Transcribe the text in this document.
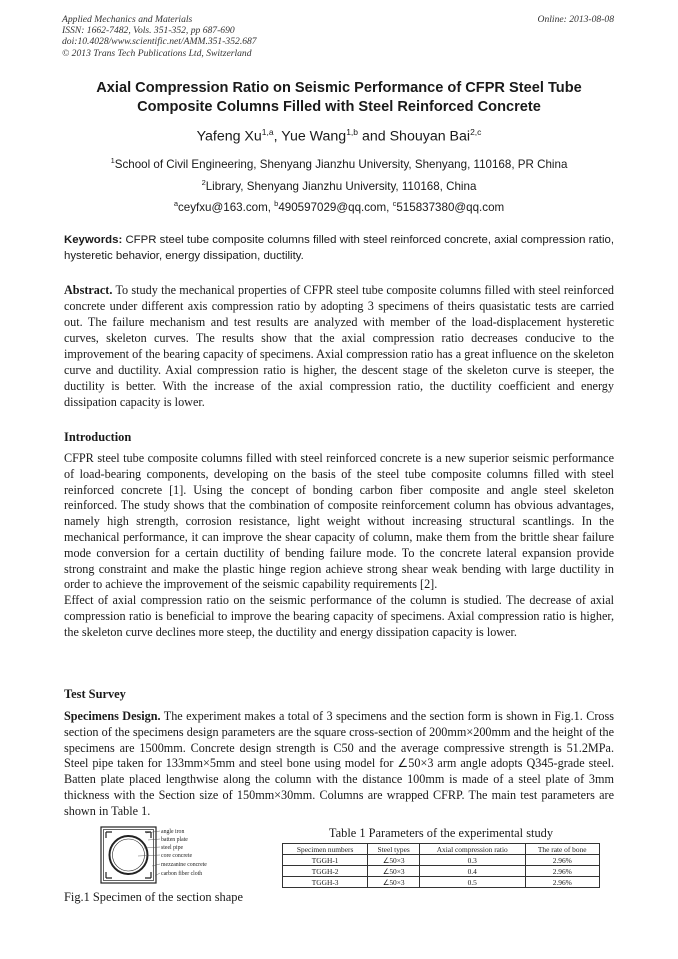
Applied Mechanics and Materials
ISSN: 1662-7482, Vols. 351-352, pp 687-690
doi:10.4028/www.scientific.net/AMM.351-352.687
© 2013 Trans Tech Publications Ltd, Switzerland
Online: 2013-08-08
Axial Compression Ratio on Seismic Performance of CFPR Steel Tube
Composite Columns Filled with Steel Reinforced Concrete
Yafeng Xu$^{1,a}$, Yue Wang$^{1,b}$ and Shouyan Bai$^{2,c}$
$^1$School of Civil Engineering, Shenyang Jianzhu University, Shenyang, 110168, PR China
$^2$Library, Shenyang Jianzhu University, 110168, China
$^a$ceyfxu@163.com, $^b$490597029@qq.com, $^c$515837380@qq.com
Keywords: CFPR steel tube composite columns filled with steel reinforced concrete, axial compression ratio, hysteretic behavior, energy dissipation, ductility.
Abstract. To study the mechanical properties of CFPR steel tube composite columns filled with steel reinforced concrete under different axis compression ratio by adopting 3 specimens of theirs quasistatic tests are carried out. The failure mechanism and test results are analyzed with member of the load-displacement hysteretic curves, skeleton curves. The results show that the axial compression ratio decreases conducive to the improvement of the bearing capacity of specimens. Axial compression ratio has a great influence on the skeleton curve and ductility. Axial compression ratio is higher, the descent stage of the skeleton curve is steeper, the ductility is better. With the increase of the axial compression ratio, the ductility coefficient and energy dissipation capacity is lower.
Introduction
CFPR steel tube composite columns filled with steel reinforced concrete is a new superior seismic performance of load-bearing components, developing on the basis of the steel tube composite columns filled with steel reinforced concrete [1]. Using the concept of bonding carbon fiber composite and angle steel skeleton reinforced. The study shows that the combination of composite reinforcement column has obvious advantages, namely high strength, corrosion resistance, light weight without increasing structural scantlings. In the mechanical performance, it can improve the shear capacity of column, make them from the brittle shear failure mode conversion for a certain ductility of bending failure mode. To the concrete lateral expansion provide strong constraint and make the plastic hinge region achieve strong shear weak bending with large ductility in order to achieve the improvement of the seismic capability requirements [2].
Effect of axial compression ratio on the seismic performance of the column is studied. The decrease of axial compression ratio is beneficial to improve the bearing capacity of specimens. Axial compression ratio is higher, the skeleton curve declines more steep, the ductility and energy dissipation capacity is lower.
Test Survey
Specimens Design. The experiment makes a total of 3 specimens and the section form is shown in Fig.1. Cross section of the specimens design parameters are the square cross-section of 200mm×200mm and the height of the specimens are 1500mm. Concrete design strength is C50 and the average compressive strength is 51.2MPa. Steel pipe taken for 133mm×5mm and steel bone using model for ∠50×3 arm angle adopts Q345-grade steel. Batten plate placed lengthwise along the column with the distance 100mm is made of a steel plate of 3mm thickness with the Section size of 150mm×30mm. Columns are wrapped CFRP. The main test parameters are shown in Table 1.
angle iron
batten plate
steel pipe
core concrete
mezzanine concrete
carbon fiber cloth
Fig.1 Specimen of the section shape
Table 1 Parameters of the experimental study
Specimen numbers	Steel types	Axial compression ratio	The rate of bone
TGGH-1	∠50×3	0.3	2.96%
TGGH-2	∠50×3	0.4	2.96%
TGGH-3	∠50×3	0.5	2.96%
